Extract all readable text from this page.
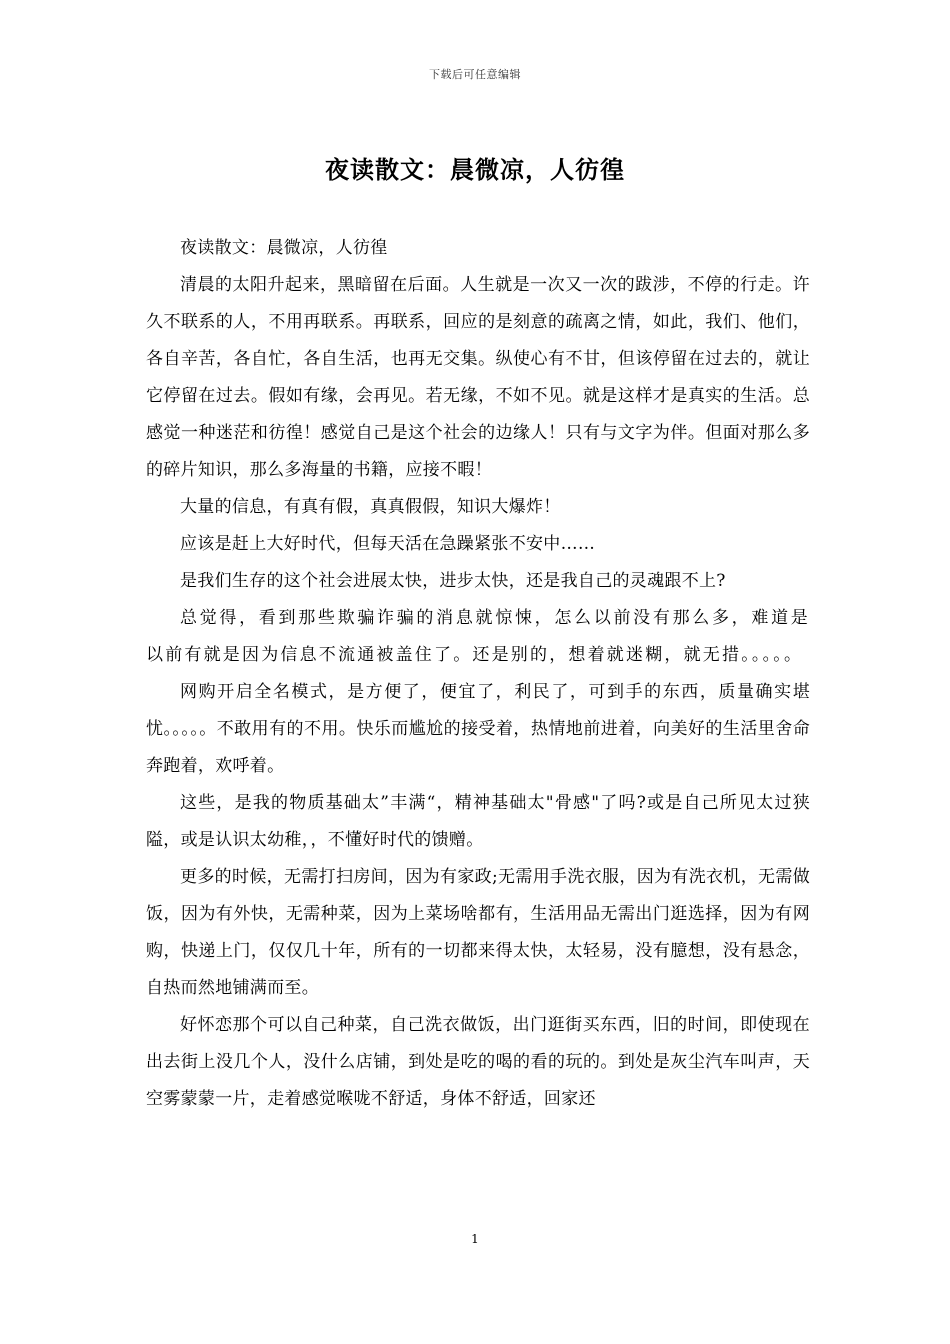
下载后可任意编辑
夜读散文：晨微凉，人彷徨

夜读散文：晨微凉，人彷徨

清晨的太阳升起来，黑暗留在后面。人生就是一次又一次的跋涉，不停的行走。许久不联系的人，不用再联系。再联系，回应的是刻意的疏离之情，如此，我们、他们，各自辛苦，各自忙，各自生活，也再无交集。纵使心有不甘，但该停留在过去的，就让它停留在过去。假如有缘，会再见。若无缘，不如不见。就是这样才是真实的生活。总感觉一种迷茫和彷徨！感觉自己是这个社会的边缘人！只有与文字为伴。但面对那么多的碎片知识，那么多海量的书籍，应接不暇！

大量的信息，有真有假，真真假假，知识大爆炸！

应该是赶上大好时代，但每天活在急躁紧张不安中……

是我们生存的这个社会进展太快，进步太快，还是我自己的灵魂跟不上?

总觉得，看到那些欺骗诈骗的消息就惊悚，怎么以前没有那么多，难道是以前有就是因为信息不流通被盖住了。还是别的，想着就迷糊，就无措。。。。。

网购开启全名模式，是方便了，便宜了，利民了，可到手的东西，质量确实堪忧。。。。。不敢用有的不用。快乐而尴尬的接受着，热情地前进着，向美好的生活里舍命奔跑着，欢呼着。

这些，是我的物质基础太”丰满“，精神基础太"骨感"了吗?或是自己所见太过狭隘，或是认识太幼稚，，不懂好时代的馈赠。

更多的时候，无需打扫房间，因为有家政;无需用手洗衣服，因为有洗衣机，无需做饭，因为有外快，无需种菜，因为上菜场啥都有，生活用品无需出门逛选择，因为有网购，快递上门，仅仅几十年，所有的一切都来得太快，太轻易，没有臆想，没有悬念，自热而然地铺满而至。

好怀恋那个可以自己种菜，自己洗衣做饭，出门逛街买东西，旧的时间，即使现在出去街上没几个人，没什么店铺，到处是吃的喝的看的玩的。到处是灰尘汽车叫声，天空雾蒙蒙一片，走着感觉喉咙不舒适，身体不舒适，回家还

1
